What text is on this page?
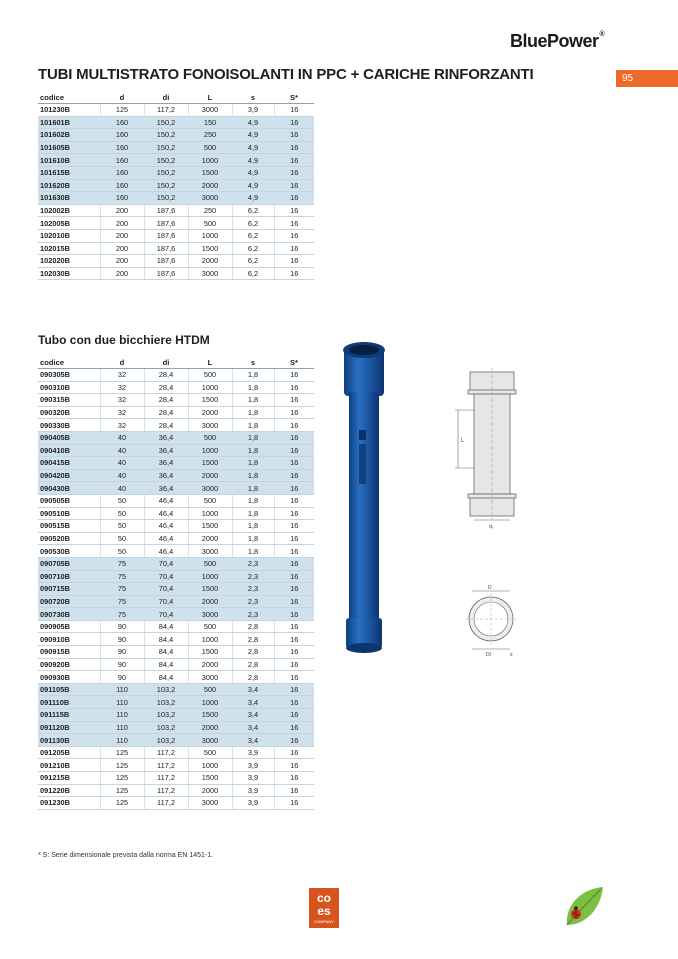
BluePower®
TUBI MULTISTRATO FONOISOLANTI IN PPC + CARICHE RINFORZANTI	95
codice	d	di	L	s	S*
101230B	125	117,2	3000	3,9	16
101601B	160	150,2	150	4,9	16
101602B	160	150,2	250	4,9	16
101605B	160	150,2	500	4,9	16
101610B	160	150,2	1000	4,9	16
101615B	160	150,2	1500	4,9	16
101620B	160	150,2	2000	4,9	16
101630B	160	150,2	3000	4,9	16
102002B	200	187,6	250	6,2	16
102005B	200	187,6	500	6,2	16
102010B	200	187,6	1000	6,2	16
102015B	200	187,6	1500	6,2	16
102020B	200	187,6	2000	6,2	16
102030B	200	187,6	3000	6,2	16
Tubo con due bicchiere HTDM
codice	d	di	L	s	S*
090305B	32	28,4	500	1,8	16
090310B	32	28,4	1000	1,8	16
090315B	32	28,4	1500	1,8	16
090320B	32	28,4	2000	1,8	16
090330B	32	28,4	3000	1,8	16
090405B	40	36,4	500	1,8	16
090410B	40	36,4	1000	1,8	16
090415B	40	36,4	1500	1,8	16
090420B	40	36,4	2000	1,8	16
090430B	40	36,4	3000	1,8	16
090505B	50	46,4	500	1,8	16
090510B	50	46,4	1000	1,8	16
090515B	50	46,4	1500	1,8	16
090520B	50	46,4	2000	1,8	16
090530B	50	46,4	3000	1,8	16
090705B	75	70,4	500	2,3	16
090710B	75	70,4	1000	2,3	16
090715B	75	70,4	1500	2,3	16
090720B	75	70,4	2000	2,3	16
090730B	75	70,4	3000	2,3	16
090905B	90	84,4	500	2,8	16
090910B	90	84,4	1000	2,8	16
090915B	90	84,4	1500	2,8	16
090920B	90	84,4	2000	2,8	16
090930B	90	84,4	3000	2,8	16
091105B	110	103,2	500	3,4	16
091110B	110	103,2	1000	3,4	16
091115B	110	103,2	1500	3,4	16
091120B	110	103,2	2000	3,4	16
091130B	110	103,2	3000	3,4	16
091205B	125	117,2	500	3,9	16
091210B	125	117,2	1000	3,9	16
091215B	125	117,2	1500	3,9	16
091220B	125	117,2	2000	3,9	16
091230B	125	117,2	3000	3,9	16
L
d₁
D
Dl	s
* S: Serie dimensionale prevista dalla norma EN 1451-1.
co
es
COMPANY
